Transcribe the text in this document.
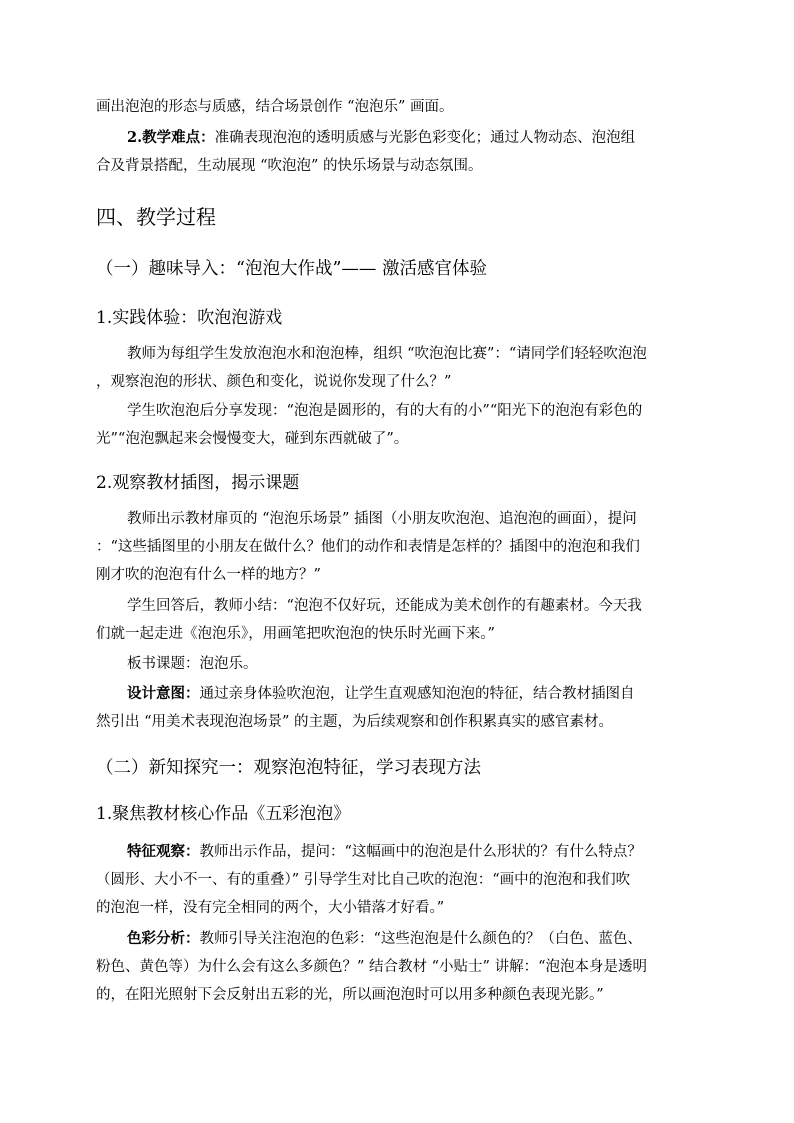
画出泡泡的形态与质感，结合场景创作 “泡泡乐” 画面。
2.教学难点：准确表现泡泡的透明质感与光影色彩变化；通过人物动态、泡泡组
合及背景搭配，生动展现 “吹泡泡” 的快乐场景与动态氛围。
四、教学过程
（一）趣味导入：“泡泡大作战”—— 激活感官体验
1.实践体验：吹泡泡游戏
教师为每组学生发放泡泡水和泡泡棒，组织 “吹泡泡比赛”：“请同学们轻轻吹泡泡
，观察泡泡的形状、颜色和变化，说说你发现了什么？”
学生吹泡泡后分享发现：“泡泡是圆形的，有的大有的小”“阳光下的泡泡有彩色的
光”“泡泡飘起来会慢慢变大，碰到东西就破了”。
2.观察教材插图，揭示课题
教师出示教材扉页的 “泡泡乐场景” 插图（小朋友吹泡泡、追泡泡的画面），提问
：“这些插图里的小朋友在做什么？他们的动作和表情是怎样的？插图中的泡泡和我们
刚才吹的泡泡有什么一样的地方？”
学生回答后，教师小结：“泡泡不仅好玩，还能成为美术创作的有趣素材。今天我
们就一起走进《泡泡乐》，用画笔把吹泡泡的快乐时光画下来。”
板书课题：泡泡乐。
设计意图：通过亲身体验吹泡泡，让学生直观感知泡泡的特征，结合教材插图自
然引出 “用美术表现泡泡场景” 的主题，为后续观察和创作积累真实的感官素材。
（二）新知探究一：观察泡泡特征，学习表现方法
1.聚焦教材核心作品《五彩泡泡》
特征观察：教师出示作品，提问：“这幅画中的泡泡是什么形状的？有什么特点？
（圆形、大小不一、有的重叠）” 引导学生对比自己吹的泡泡：“画中的泡泡和我们吹
的泡泡一样，没有完全相同的两个，大小错落才好看。”
色彩分析：教师引导关注泡泡的色彩：“这些泡泡是什么颜色的？（白色、蓝色、
粉色、黄色等）为什么会有这么多颜色？” 结合教材 “小贴士” 讲解：“泡泡本身是透明
的，在阳光照射下会反射出五彩的光，所以画泡泡时可以用多种颜色表现光影。”
